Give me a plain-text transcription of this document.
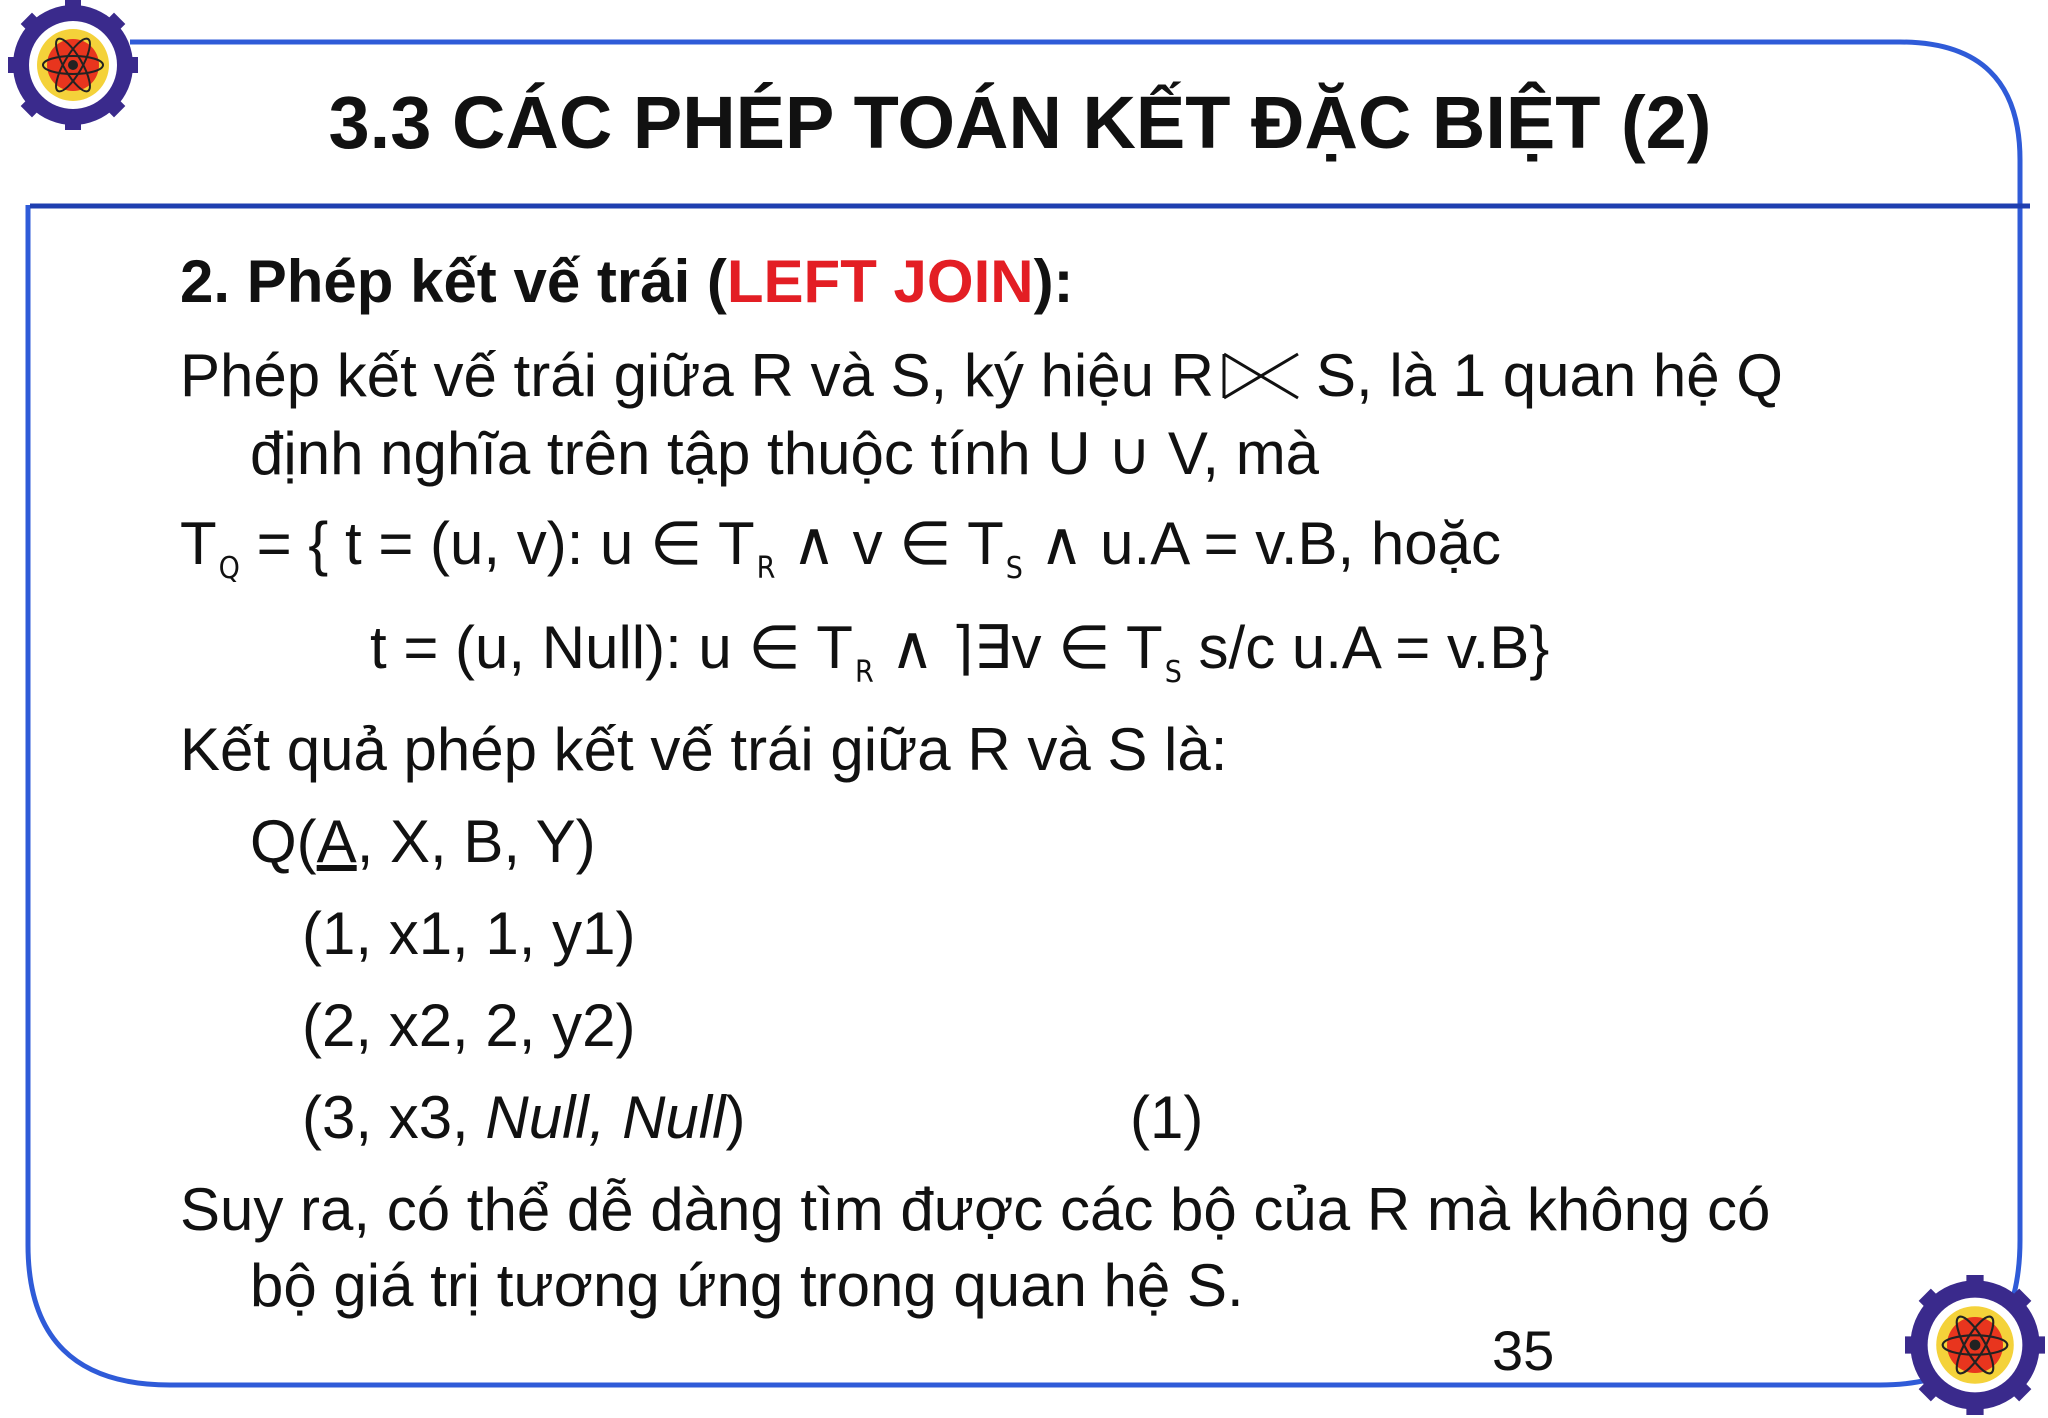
3.3 CÁC PHÉP TOÁN KẾT ĐẶC BIỆT (2)
2. Phép kết vế trái (LEFT JOIN):
Phép kết vế trái giữa R và S, ký hiệu R S, là 1 quan hệ Q
định nghĩa trên tập thuộc tính U ∪ V, mà
$T_Q$ = { t = (u, v): u ∈ $T_R$ ∧ v ∈ $T_S$ ∧ u.A = v.B, hoặc
t = (u, Null): u ∈ $T_R$ ∧ ⌉∃v ∈ $T_S$ s/c u.A = v.B}
Kết quả phép kết vế trái giữa R và S là:
Q(A, X, B, Y)
(1, x1, 1, y1)
(2, x2, 2, y2)
(3, x3, Null, Null)	(1)
Suy ra, có thể dễ dàng tìm được các bộ của R mà không có
bộ giá trị tương ứng trong quan hệ S.
35
